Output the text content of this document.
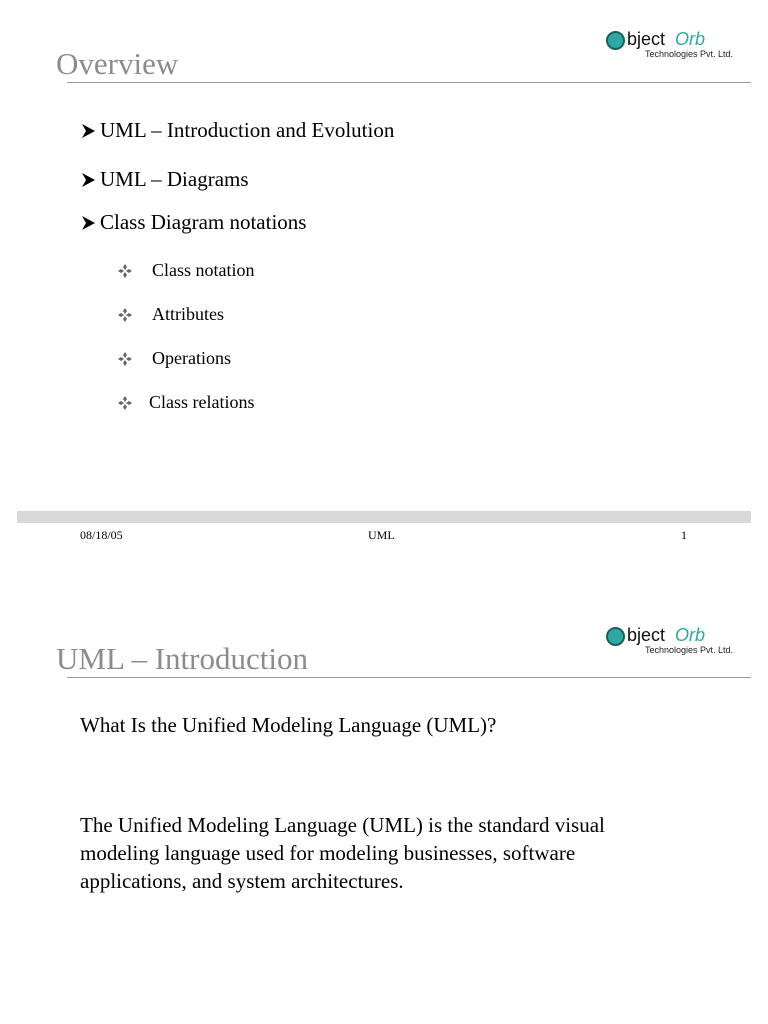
Overview
bject Orb
Technologies Pvt. Ltd.
UML – Introduction and Evolution
UML – Diagrams
Class Diagram notations
Class notation
Attributes
Operations
Class relations
08/18/05	UML	1
bject Orb
Technologies Pvt. Ltd.
UML – Introduction
What Is the Unified Modeling Language (UML)?
The Unified Modeling Language (UML) is the standard visual modeling language used for modeling businesses, software applications, and system architectures.
